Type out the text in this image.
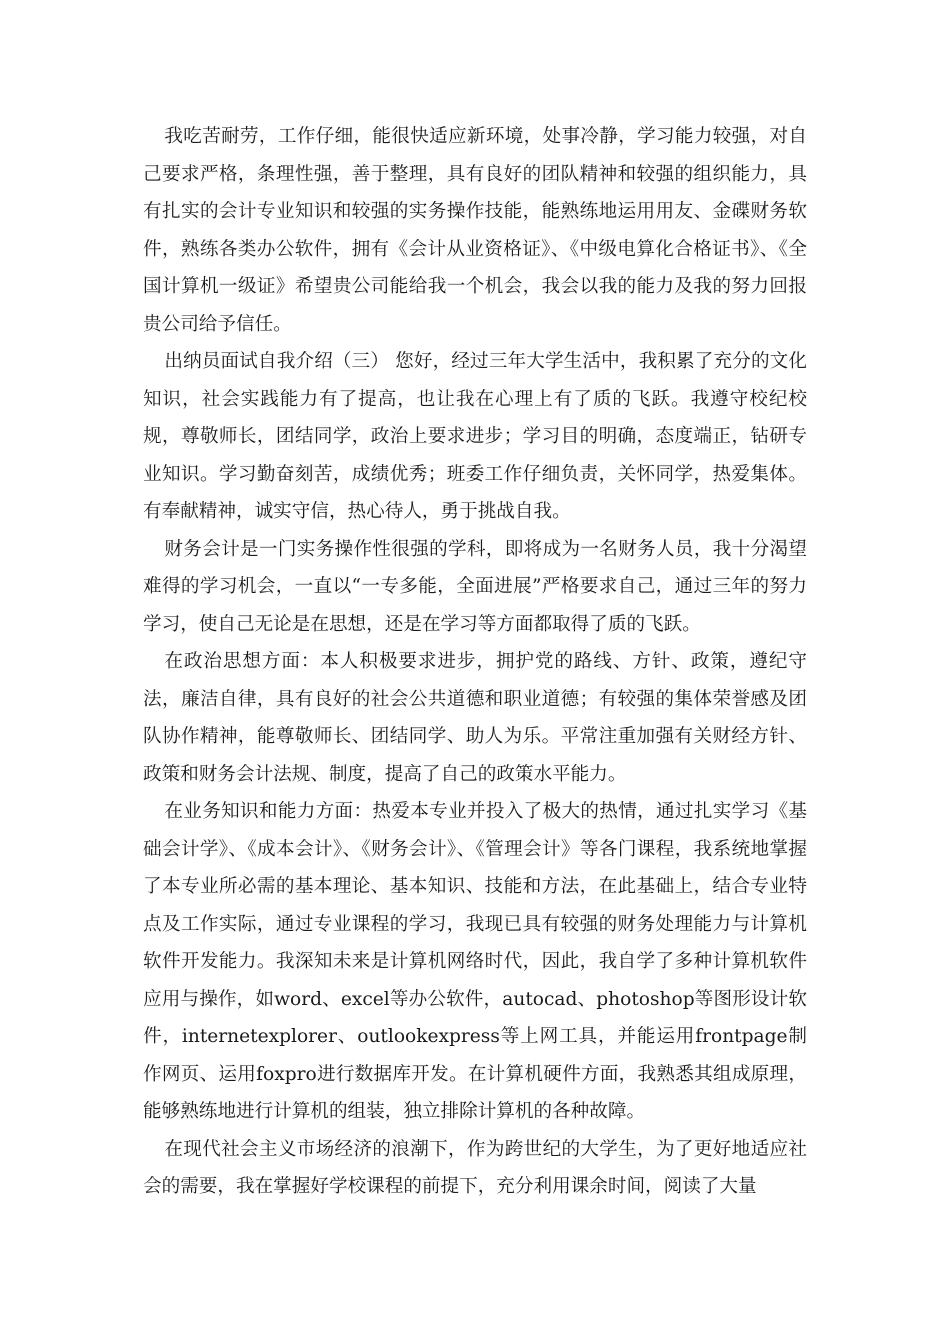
我吃苦耐劳，工作仔细，能很快适应新环境，处事冷静，学习能力较强，对自己要求严格，条理性强，善于整理，具有良好的团队精神和较强的组织能力，具有扎实的会计专业知识和较强的实务操作技能，能熟练地运用用友、金碟财务软件，熟练各类办公软件，拥有《会计从业资格证》、《中级电算化合格证书》、《全国计算机一级证》希望贵公司能给我一个机会，我会以我的能力及我的努力回报贵公司给予信任。

出纳员面试自我介绍（三） 您好，经过三年大学生活中，我积累了充分的文化知识，社会实践能力有了提高，也让我在心理上有了质的飞跃。我遵守校纪校规，尊敬师长，团结同学，政治上要求进步；学习目的明确，态度端正，钻研专业知识。学习勤奋刻苦，成绩优秀；班委工作仔细负责，关怀同学，热爱集体。有奉献精神，诚实守信，热心待人，勇于挑战自我。

财务会计是一门实务操作性很强的学科，即将成为一名财务人员，我十分渴望难得的学习机会，一直以“一专多能，全面进展”严格要求自己，通过三年的努力学习，使自己无论是在思想，还是在学习等方面都取得了质的飞跃。

在政治思想方面：本人积极要求进步，拥护党的路线、方针、政策，遵纪守法，廉洁自律，具有良好的社会公共道德和职业道德；有较强的集体荣誉感及团队协作精神，能尊敬师长、团结同学、助人为乐。平常注重加强有关财经方针、政策和财务会计法规、制度，提高了自己的政策水平能力。

在业务知识和能力方面：热爱本专业并投入了极大的热情，通过扎实学习《基础会计学》、《成本会计》、《财务会计》、《管理会计》等各门课程，我系统地掌握了本专业所必需的基本理论、基本知识、技能和方法，在此基础上，结合专业特点及工作实际，通过专业课程的学习，我现已具有较强的财务处理能力与计算机软件开发能力。我深知未来是计算机网络时代，因此，我自学了多种计算机软件应用与操作，如word、excel等办公软件，autocad、photoshop等图形设计软件，internetexplorer、outlookexpress等上网工具，并能运用frontpage制作网页、运用foxpro进行数据库开发。在计算机硬件方面，我熟悉其组成原理，能够熟练地进行计算机的组装，独立排除计算机的各种故障。

在现代社会主义市场经济的浪潮下，作为跨世纪的大学生，为了更好地适应社会的需要，我在掌握好学校课程的前提下，充分利用课余时间，阅读了大量
